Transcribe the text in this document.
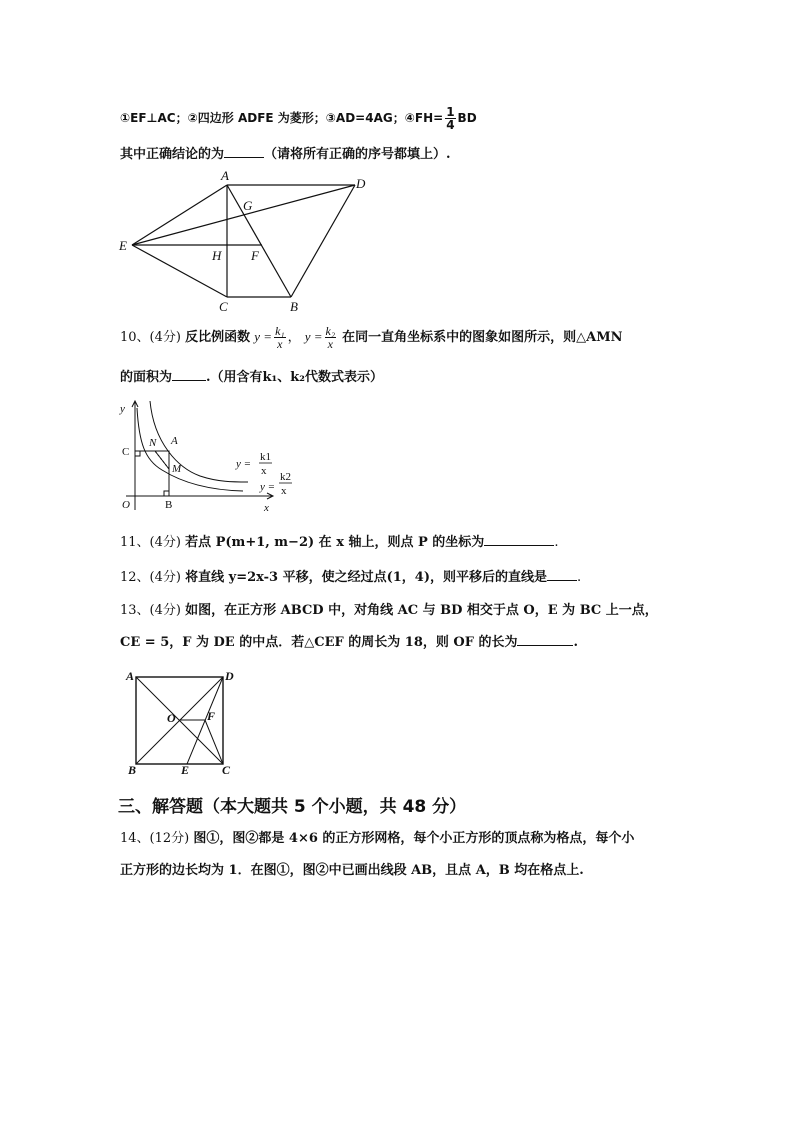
①EF⊥AC；②四边形 ADFE 为菱形；③AD=4AG；④FH= $\frac{1}{4}$ BD
其中正确结论的为	（请将所有正确的序号都填上）.
A
D
G
E
H F
C	B
10、(4分) 反比例函数 $y = \frac{\text{k₁}}{x}$ ， $y = \frac{\text{k₂}}{x}$ 在同一直角坐标系中的图象如图所示，则△AMN
的面积为	.（用含有k₁、k₂代数式表示）
y
C
N A
M
O	B	x
y =
k1
x
y =
k2
x
11、(4分) 若点 P(m+1, m−2) 在 x 轴上，则点 P 的坐标为	.
12、(4分) 将直线 y=2x-3 平移，使之经过点(1，4)，则平移后的直线是 .
13、(4分) 如图，在正方形 ABCD 中，对角线 AC 与 BD 相交于点 O，E 为 BC 上一点，
CE = 5，F 为 DE 的中点．若△CEF 的周长为 18，则 OF 的长为	.
A	D
O	F
B	E	C
三、解答题（本大题共 5 个小题，共 48 分）
14、(12分) 图①，图②都是 4×6 的正方形网格，每个小正方形的顶点称为格点，每个小
正方形的边长均为 1．在图①，图②中已画出线段 AB，且点 A，B 均在格点上.
